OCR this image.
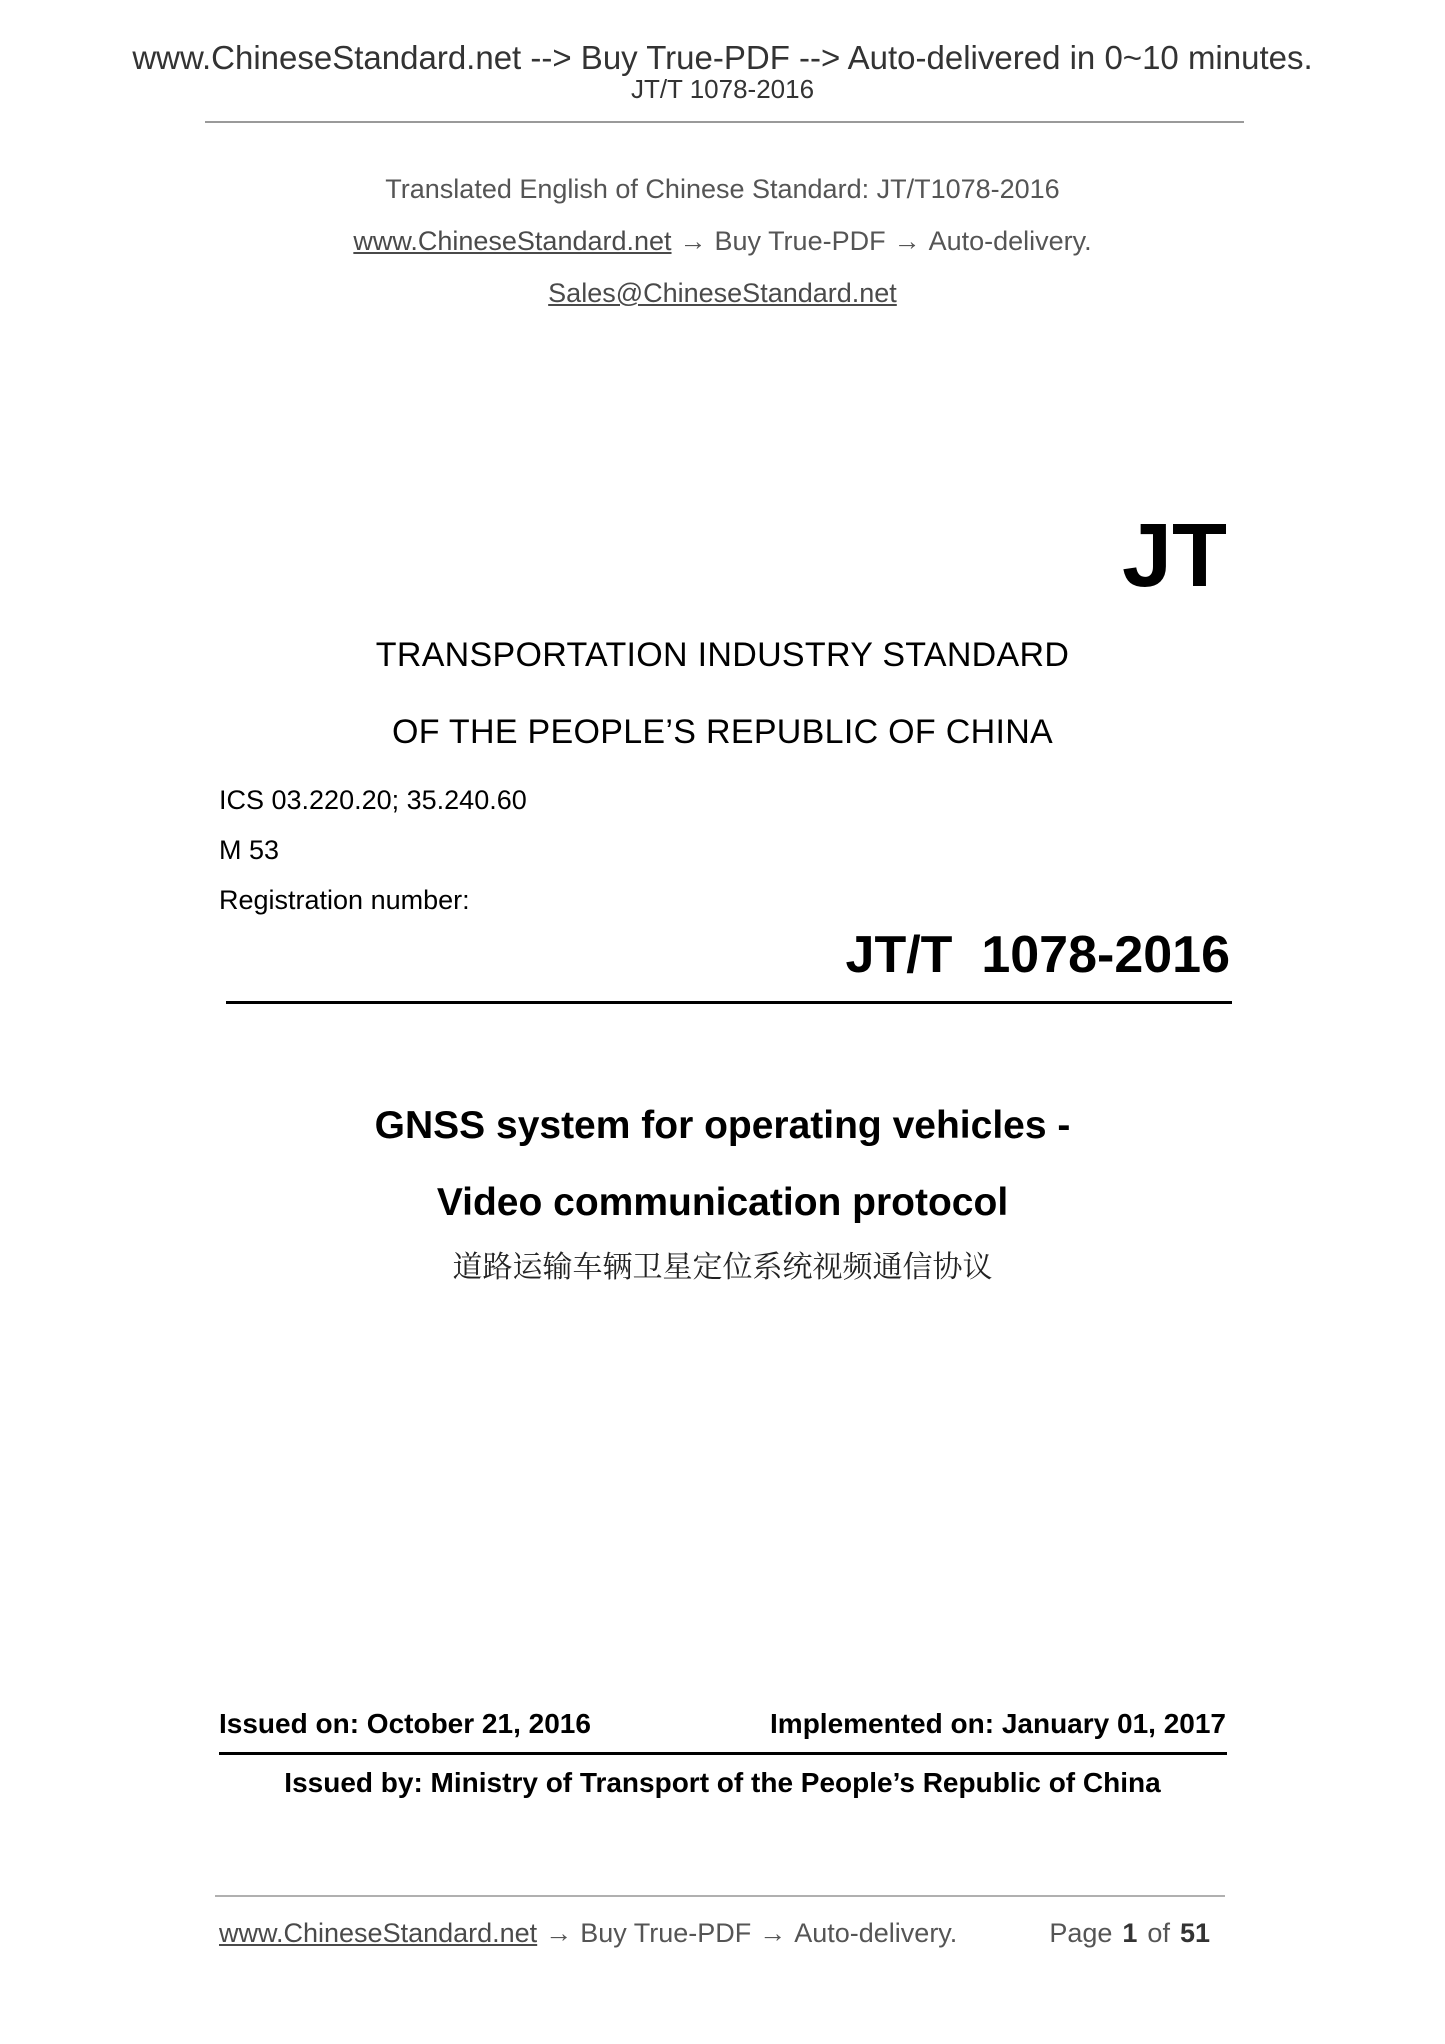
www.ChineseStandard.net --> Buy True-PDF --> Auto-delivered in 0~10 minutes.
JT/T 1078-2016
Translated English of Chinese Standard: JT/T1078-2016
www.ChineseStandard.net → Buy True-PDF → Auto-delivery.
Sales@ChineseStandard.net
JT
TRANSPORTATION INDUSTRY STANDARD
OF THE PEOPLE’S REPUBLIC OF CHINA
ICS 03.220.20; 35.240.60
M 53
Registration number:
JT/T  1078-2016
GNSS system for operating vehicles -
Video communication protocol
道路运输车辆卫星定位系统视频通信协议
Issued on: October 21, 2016	Implemented on: January 01, 2017
Issued by: Ministry of Transport of the People’s Republic of China
www.ChineseStandard.net → Buy True-PDF → Auto-delivery.	Page 1 of 51
